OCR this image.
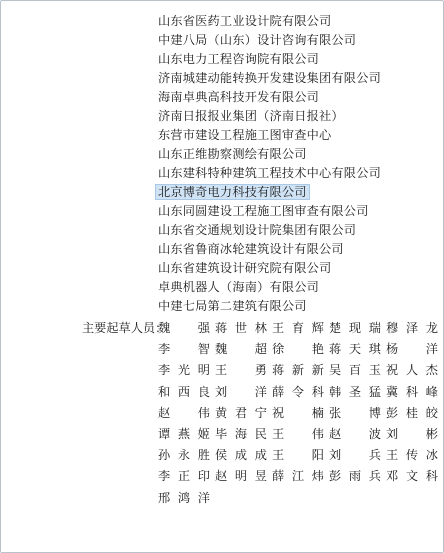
山东省医药工业设计院有限公司
中建八局（山东）设计咨询有限公司
山东电力工程咨询院有限公司
济南城建动能转换开发建设集团有限公司
海南卓典高科技开发有限公司
济南日报报业集团（济南日报社）
东营市建设工程施工图审查中心
山东正维勘察测绘有限公司
山东建科特种建筑工程技术中心有限公司
北京博奇电力科技有限公司
山东同圆建设工程施工图审查有限公司
山东省交通规划设计院集团有限公司
山东省鲁商冰轮建筑设计有限公司
山东省建筑设计研究院有限公司
卓典机器人（海南）有限公司
中建七局第二建筑有限公司
主要起草人员：
魏　强 蒋世林 王育辉 楚现瑞 穆泽龙
李　智 魏　超 徐　艳 蒋天琪 杨　洋
李光明 王　勇 蒋新新 吴百玉 祝人杰
和西良 刘　洋 薛令科 韩圣猛 冀科峰
赵　伟 黄君宁 祝　楠 张　博 彭桂皎
谭燕姬 毕海民 王　伟 赵　波 刘　彬
孙永胜 侯成成 王　阳 刘　兵 王传冰
李正印 赵明昱 薛江炜 彭雨兵 邓文科
邢鸿洋
